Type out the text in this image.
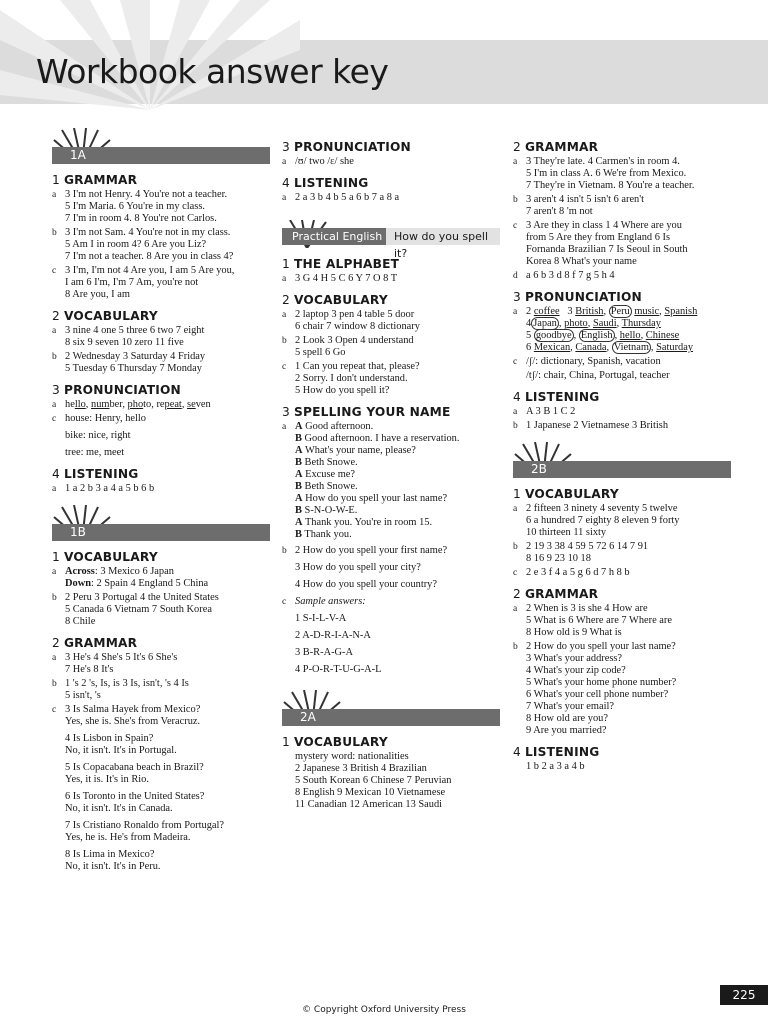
Workbook answer key
1A
1 GRAMMAR
a 3 I'm not Henry. 4 You're not a teacher.
5 I'm Maria. 6 You're in my class.
7 I'm in room 4. 8 You're not Carlos.
b 3 I'm not Sam. 4 You're not in my class.
5 Am I in room 4? 6 Are you Liz?
7 I'm not a teacher. 8 Are you in class 4?
c 3 I'm, I'm not 4 Are you, I am 5 Are you,
I am 6 I'm, I'm 7 Am, you're not
8 Are you, I am
2 VOCABULARY
a 3 nine 4 one 5 three 6 two 7 eight
8 six 9 seven 10 zero 11 five
b 2 Wednesday 3 Saturday 4 Friday
5 Tuesday 6 Thursday 7 Monday
3 PRONUNCIATION
a hello, number, photo, repeat, seven
c house: Henry, hello
bike: nice, right
tree: me, meet
4 LISTENING
a 1 a 2 b 3 a 4 a 5 b 6 b
1B
1 VOCABULARY
a Across: 3 Mexico 6 Japan
Down: 2 Spain 4 England 5 China
b 2 Peru 3 Portugal 4 the United States
5 Canada 6 Vietnam 7 South Korea
8 Chile
2 GRAMMAR
a 3 He's 4 She's 5 It's 6 She's
7 He's 8 It's
b 1 's 2 's, Is, is 3 Is, isn't, 's 4 Is
5 isn't, 's
c 3 Is Salma Hayek from Mexico?
Yes, she is. She's from Veracruz.
4 Is Lisbon in Spain?
No, it isn't. It's in Portugal.
5 Is Copacabana beach in Brazil?
Yes, it is. It's in Rio.
6 Is Toronto in the United States?
No, it isn't. It's in Canada.
7 Is Cristiano Ronaldo from Portugal?
Yes, he is. He's from Madeira.
8 Is Lima in Mexico?
No, it isn't. It's in Peru.
3 PRONUNCIATION
a /ʊ/ two /ɛ/ she
4 LISTENING
a 2 a 3 b 4 b 5 a 6 b 7 a 8 a
Practical English	How do you spell it?
1 THE ALPHABET
a 3 G 4 H 5 C 6 Y 7 O 8 T
2 VOCABULARY
a 2 laptop 3 pen 4 table 5 door
6 chair 7 window 8 dictionary
b 2 Look 3 Open 4 understand
5 spell 6 Go
c 1 Can you repeat that, please?
2 Sorry. I don't understand.
5 How do you spell it?
3 SPELLING YOUR NAME
a A Good afternoon.
B Good afternoon. I have a reservation.
A What's your name, please?
B Beth Snowe.
A Excuse me?
B Beth Snowe.
A How do you spell your last name?
B S-N-O-W-E.
A Thank you. You're in room 15.
B Thank you.
b 2 How do you spell your first name?
3 How do you spell your city?
4 How do you spell your country?
c Sample answers:
1 S-I-L-V-A
2 A-D-R-I-A-N-A
3 B-R-A-G-A
4 P-O-R-T-U-G-A-L
2A
1 VOCABULARY
mystery word: nationalities
2 Japanese 3 British 4 Brazilian
5 South Korean 6 Chinese 7 Peruvian
8 English 9 Mexican 10 Vietnamese
11 Canadian 12 American 13 Saudi
2 GRAMMAR
a 3 They're late. 4 Carmen's in room 4.
5 I'm in class A. 6 We're from Mexico.
7 They're in Vietnam. 8 You're a teacher.
b 3 aren't 4 isn't 5 isn't 6 aren't
7 aren't 8 'm not
c 3 Are they in class 1 4 Where are you
from 5 Are they from England 6 Is
Fornanda Brazilian 7 Is Seoul in South
Korea 8 What's your name
d a 6 b 3 d 8 f 7 g 5 h 4
3 PRONUNCIATION
a 2 coffee 3 British, Peru music, Spanish
4 Japan , photo, Saudi, Thursday
5 goodbye , English , hello, Chinese
6 Mexican, Canada, Vietnam , Saturday
c /ʃ/: dictionary, Spanish, vacation
/tʃ/: chair, China, Portugal, teacher
4 LISTENING
a A 3 B 1 C 2
b 1 Japanese 2 Vietnamese 3 British
2B
1 VOCABULARY
a 2 fifteen 3 ninety 4 seventy 5 twelve
6 a hundred 7 eighty 8 eleven 9 forty
10 thirteen 11 sixty
b 2 19 3 38 4 59 5 72 6 14 7 91
8 16 9 23 10 18
c 2 e 3 f 4 a 5 g 6 d 7 h 8 b
2 GRAMMAR
a 2 When is 3 is she 4 How are
5 What is 6 Where are 7 Where are
8 How old is 9 What is
b 2 How do you spell your last name?
3 What's your address?
4 What's your zip code?
5 What's your home phone number?
6 What's your cell phone number?
7 What's your email?
8 How old are you?
9 Are you married?
4 LISTENING
1 b 2 a 3 a 4 b
225
© Copyright Oxford University Press
